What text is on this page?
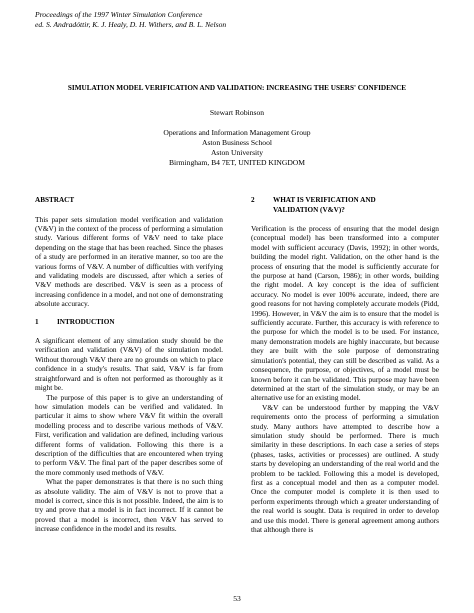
Proceedings of the 1997 Winter Simulation Conference
ed. S. Andradóttir, K. J. Healy, D. H. Withers, and B. L. Nelson
SIMULATION MODEL VERIFICATION AND VALIDATION: INCREASING THE USERS' CONFIDENCE
Stewart Robinson
Operations and Information Management Group
Aston Business School
Aston University
Birmingham, B4 7ET, UNITED KINGDOM
ABSTRACT

This paper sets simulation model verification and validation (V&V) in the context of the process of performing a simulation study. Various different forms of V&V need to take place depending on the stage that has been reached. Since the phases of a study are performed in an iterative manner, so too are the various forms of V&V. A number of difficulties with verifying and validating models are discussed, after which a series of V&V methods are described. V&V is seen as a process of increasing confidence in a model, and not one of demonstrating absolute accuracy.

1	INTRODUCTION

A significant element of any simulation study should be the verification and validation (V&V) of the simulation model. Without thorough V&V there are no grounds on which to place confidence in a study's results. That said, V&V is far from straightforward and is often not performed as thoroughly as it might be.

The purpose of this paper is to give an understanding of how simulation models can be verified and validated. In particular it aims to show where V&V fit within the overall modelling process and to describe various methods of V&V. First, verification and validation are defined, including various different forms of validation. Following this there is a description of the difficulties that are encountered when trying to perform V&V. The final part of the paper describes some of the more commonly used methods of V&V.

What the paper demonstrates is that there is no such thing as absolute validity. The aim of V&V is not to prove that a model is correct, since this is not possible. Indeed, the aim is to try and prove that a model is in fact incorrect. If it cannot be proved that a model is incorrect, then V&V has served to increase confidence in the model and its results.

2	WHAT IS VERIFICATION AND
VALIDATION (V&V)?

Verification is the process of ensuring that the model design (conceptual model) has been transformed into a computer model with sufficient accuracy (Davis, 1992); in other words, building the model right. Validation, on the other hand is the process of ensuring that the model is sufficiently accurate for the purpose at hand (Carson, 1986); in other words, building the right model. A key concept is the idea of sufficient accuracy. No model is ever 100% accurate, indeed, there are good reasons for not having completely accurate models (Pidd, 1996). However, in V&V the aim is to ensure that the model is sufficiently accurate. Further, this accuracy is with reference to the purpose for which the model is to be used. For instance, many demonstration models are highly inaccurate, but because they are built with the sole purpose of demonstrating simulation's potential, they can still be described as valid. As a consequence, the purpose, or objectives, of a model must be known before it can be validated. This purpose may have been determined at the start of the simulation study, or may be an alternative use for an existing model.

V&V can be understood further by mapping the V&V requirements onto the process of performing a simulation study. Many authors have attempted to describe how a simulation study should be performed. There is much similarity in these descriptions. In each case a series of steps (phases, tasks, activities or processes) are outlined. A study starts by developing an understanding of the real world and the problem to be tackled. Following this a model is developed, first as a conceptual model and then as a computer model. Once the computer model is complete it is then used to perform experiments through which a greater understanding of the real world is sought. Data is required in order to develop and use this model. There is general agreement among authors that although there is

53
